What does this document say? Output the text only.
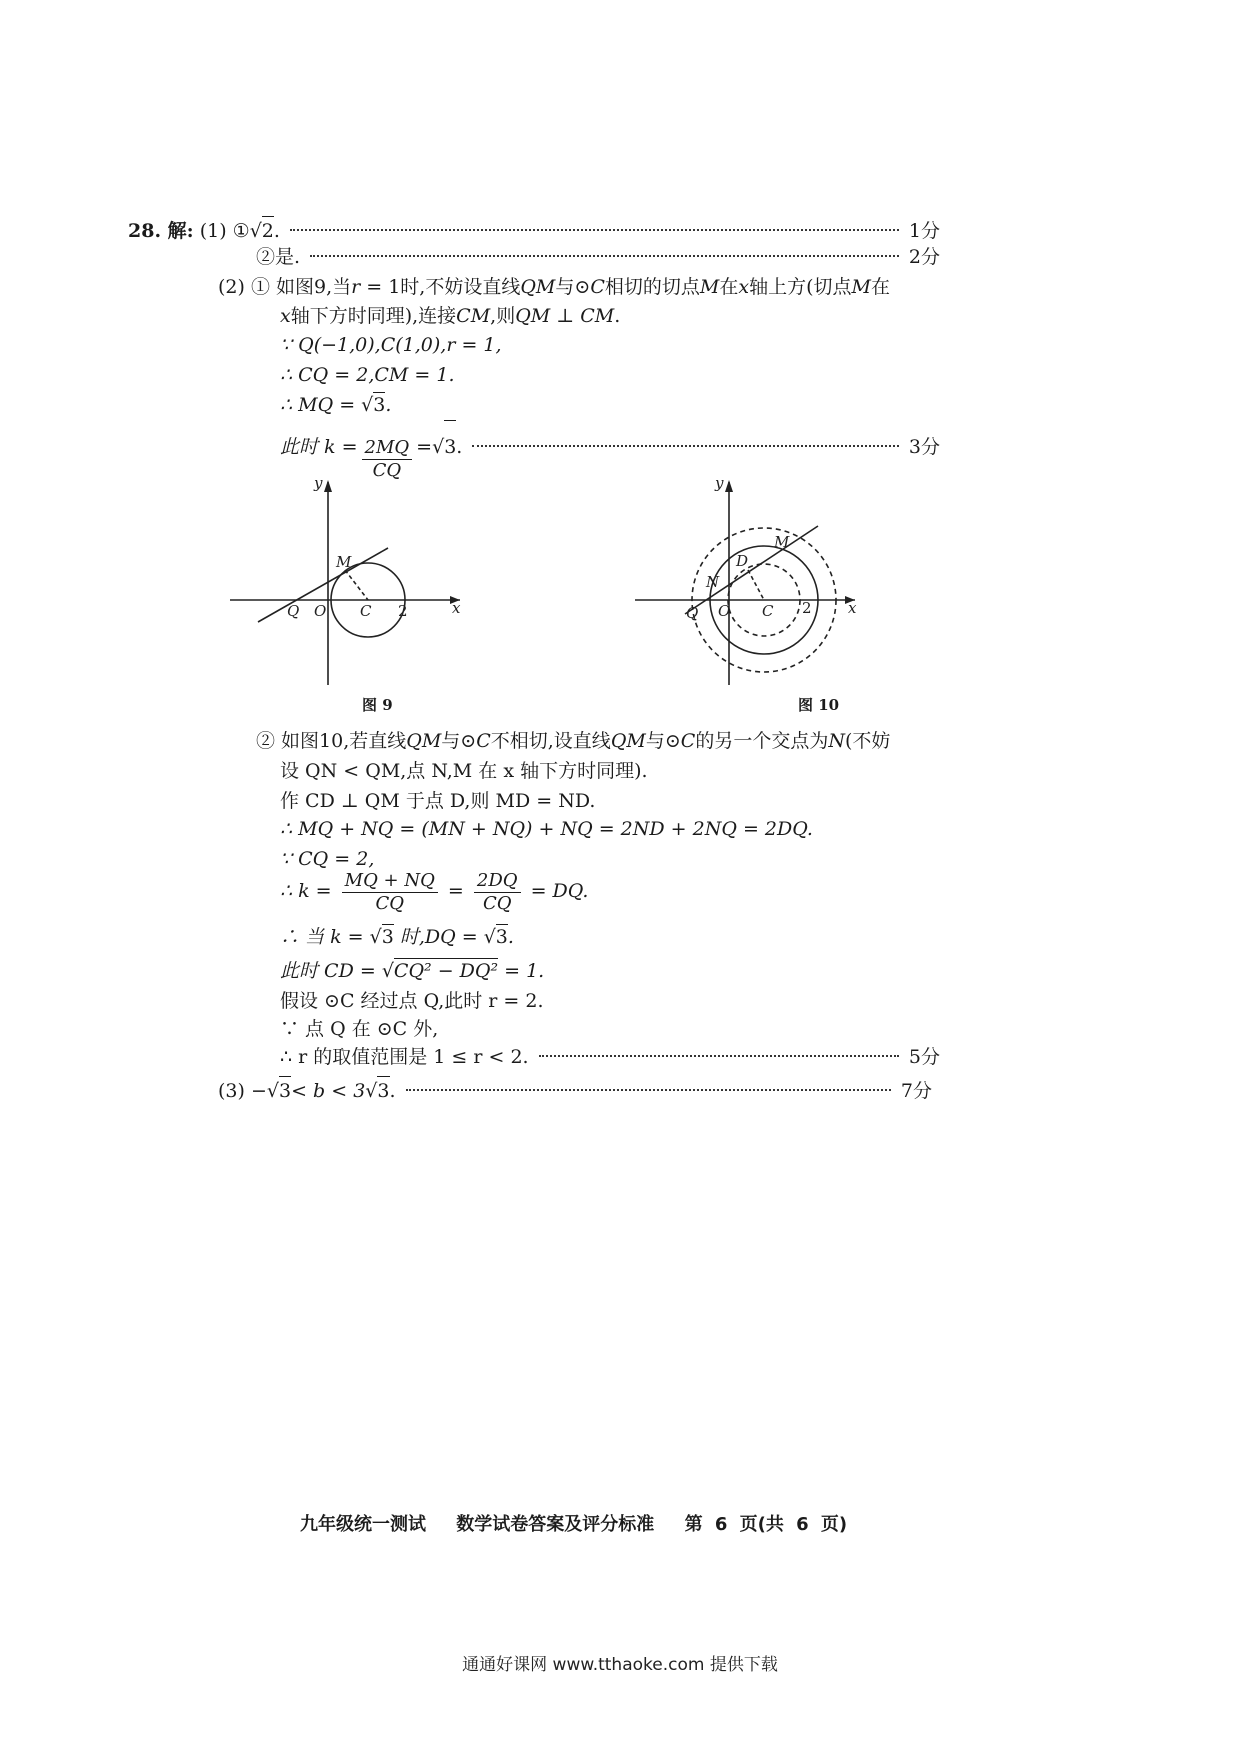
28. 解: (1) ① √ 2 .	1分
②是.	2分
(2) ① 如图9,当r = 1时,不妨设直线QM与⊙C相切的切点M在x轴上方(切点M在
x轴下方时同理),连接CM,则QM ⊥ CM.
∵ Q(−1,0),C(1,0),r = 1,
∴ CQ = 2,CM = 1.
∴ MQ = √3.
此时 $k = \frac{2MQ}{CQ}$ = √ 3 .	3分
y
x
Q O C
M
2
图 9
y
x
Q O C
M
N
D
2
图 10
② 如图10,若直线QM与⊙C不相切,设直线QM与⊙C的另一个交点为N(不妨
设 QN < QM,点 N,M 在 x 轴下方时同理).
作 CD ⊥ QM 于点 D,则 MD = ND.
∴ MQ + NQ = (MN + NQ) + NQ = 2ND + 2NQ = 2DQ.
∵ CQ = 2,
∴ $k = \frac{MQ + NQ}{CQ} = \frac{2DQ}{CQ}$ = DQ.
∴ 当 k = √3 时,DQ = √3.
此时 CD = √CQ² − DQ² = 1.
假设 ⊙C 经过点 Q,此时 r = 2.
∵ 点 Q 在 ⊙C 外,
∴ r 的取值范围是 1 ≤ r < 2.	5分
(3) − √ 3 < b < 3 √ 3 .	7分
九年级统一测试 数学试卷答案及评分标准 第 6 页(共 6 页)
通通好课网 www.tthaoke.com 提供下载
